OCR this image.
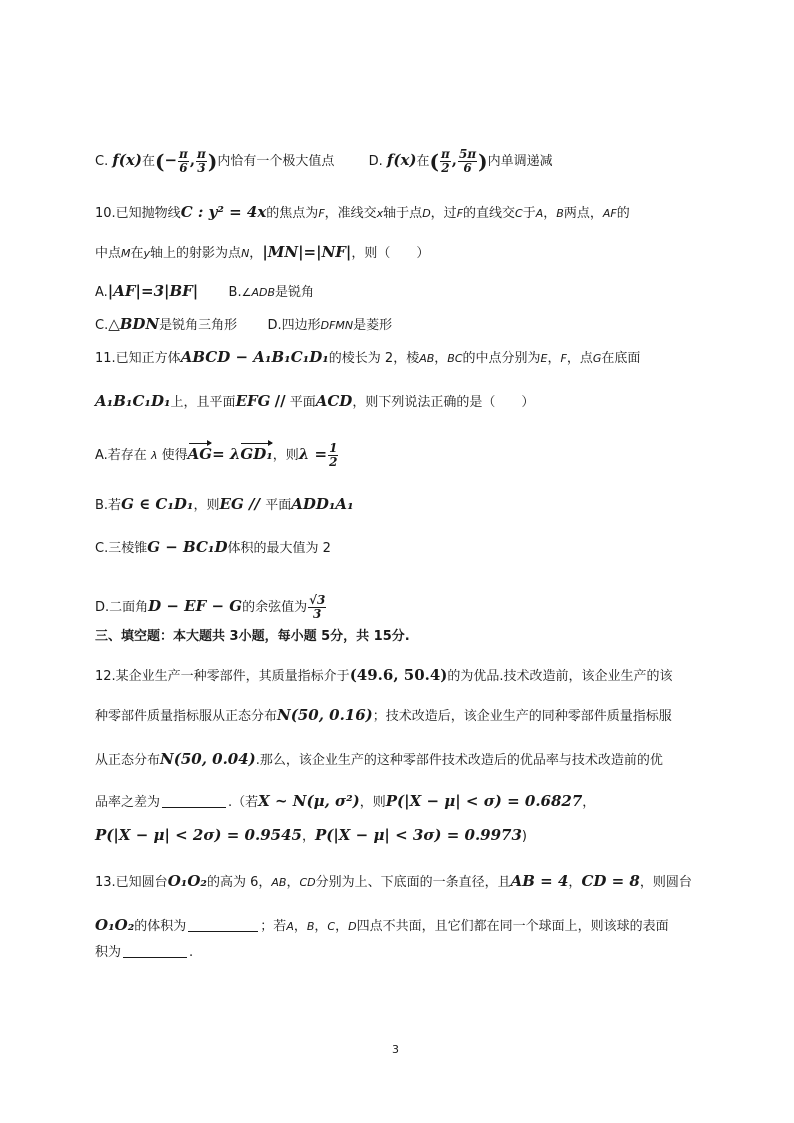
C. f(x)在(− $\frac{\pi}{6}$ , $\frac{\pi}{3}$ )内恰有一个极大值点	D. f(x)在( $\frac{\pi}{2}$ , $\frac{5\pi}{6}$ )内单调递减
10.已知抛物线C : y² = 4x的焦点为F，准线交x轴于点D，过F的直线交C于A，B两点，AF的
中点M在y轴上的射影为点N，|MN|=|NF|，则（　　）
A.|AF|=3|BF| B.∠ADB是锐角
C.△BDN是锐角三角形 D.四边形DFMN是菱形
11.已知正方体ABCD − A₁B₁C₁D₁的棱长为 2，棱AB，BC的中点分别为E，F，点G在底面
A₁B₁C₁D₁上，且平面EFG // 平面ACD，则下列说法正确的是（　　）
A.若存在 λ 使得AG= λGD₁，则$\lambda = \frac{1}{2}$
B.若G ∈ C₁D₁，则EG // 平面ADD₁A₁
C.三棱锥G − BC₁D体积的最大值为 2
D.二面角D − EF − G的余弦值为 $\frac{√3}{3}$
三、填空题：本大题共 3小题，每小题 5分，共 15分.
12.某企业生产一种零部件，其质量指标介于(49.6, 50.4)的为优品.技术改造前，该企业生产的该
种零部件质量指标服从正态分布N(50, 0.16)；技术改造后，该企业生产的同种零部件质量指标服
从正态分布N(50, 0.04).那么，该企业生产的这种零部件技术改造后的优品率与技术改造前的优
品率之差为	.（若X ~ N(μ, σ²)，则P(|X − μ| < σ) = 0.6827，
P(|X − μ| < 2σ) = 0.9545，P(|X − μ| < 3σ) = 0.9973)
13.已知圆台O₁O₂的高为 6，AB，CD分别为上、下底面的一条直径，且AB = 4，CD = 8，则圆台
O₁O₂的体积为	；若A，B，C，D四点不共面，且它们都在同一个球面上，则该球的表面
积为	.
3
